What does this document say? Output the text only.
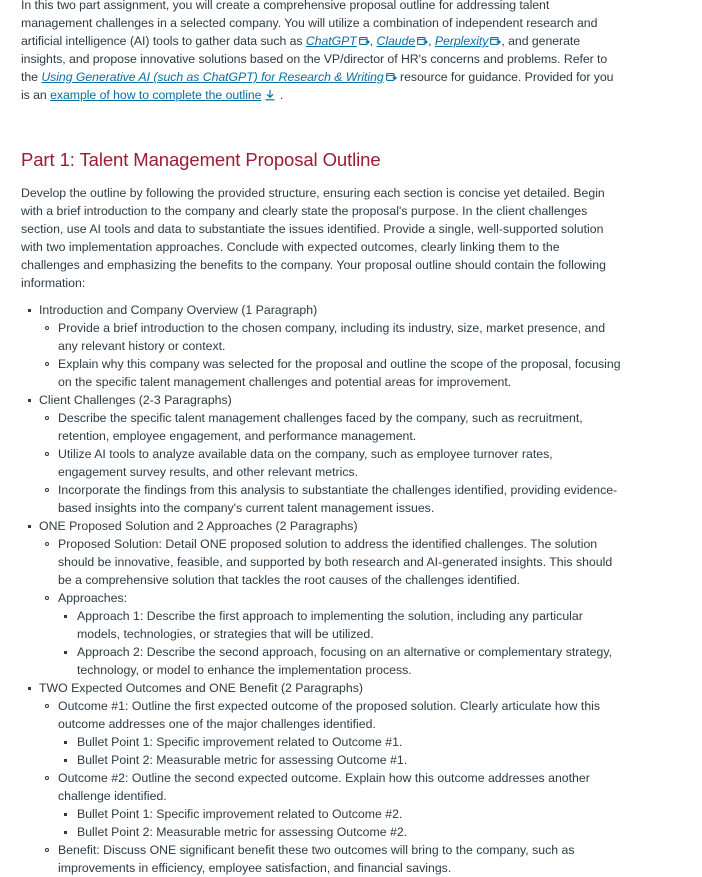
In this two part assignment, you will create a comprehensive proposal outline for addressing talent management challenges in a selected company. You will utilize a combination of independent research and artificial intelligence (AI) tools to gather data such as ChatGPT , Claude , Perplexity , and generate insights, and propose innovative solutions based on the VP/director of HR's concerns and problems. Refer to the Using Generative AI (such as ChatGPT) for Research & Writing resource for guidance. Provided for you is an example of how to complete the outline .

Part 1: Talent Management Proposal Outline

Develop the outline by following the provided structure, ensuring each section is concise yet detailed. Begin with a brief introduction to the company and clearly state the proposal's purpose. In the client challenges section, use AI tools and data to substantiate the issues identified. Provide a single, well-supported solution with two implementation approaches. Conclude with expected outcomes, clearly linking them to the challenges and emphasizing the benefits to the company. Your proposal outline should contain the following information:

Introduction and Company Overview (1 Paragraph)
Provide a brief introduction to the chosen company, including its industry, size, market presence, and any relevant history or context.
Explain why this company was selected for the proposal and outline the scope of the proposal, focusing on the specific talent management challenges and potential areas for improvement.
Client Challenges (2-3 Paragraphs)
Describe the specific talent management challenges faced by the company, such as recruitment, retention, employee engagement, and performance management.
Utilize AI tools to analyze available data on the company, such as employee turnover rates, engagement survey results, and other relevant metrics.
Incorporate the findings from this analysis to substantiate the challenges identified, providing evidence-based insights into the company's current talent management issues.
ONE Proposed Solution and 2 Approaches (2 Paragraphs)
Proposed Solution: Detail ONE proposed solution to address the identified challenges. The solution should be innovative, feasible, and supported by both research and AI-generated insights. This should be a comprehensive solution that tackles the root causes of the challenges identified.
Approaches:
Approach 1: Describe the first approach to implementing the solution, including any particular models, technologies, or strategies that will be utilized.
Approach 2: Describe the second approach, focusing on an alternative or complementary strategy, technology, or model to enhance the implementation process.
TWO Expected Outcomes and ONE Benefit (2 Paragraphs)
Outcome #1: Outline the first expected outcome of the proposed solution. Clearly articulate how this outcome addresses one of the major challenges identified.
Bullet Point 1: Specific improvement related to Outcome #1.
Bullet Point 2: Measurable metric for assessing Outcome #1.
Outcome #2: Outline the second expected outcome. Explain how this outcome addresses another challenge identified.
Bullet Point 1: Specific improvement related to Outcome #2.
Bullet Point 2: Measurable metric for assessing Outcome #2.
Benefit: Discuss ONE significant benefit these two outcomes will bring to the company, such as improvements in efficiency, employee satisfaction, and financial savings.
